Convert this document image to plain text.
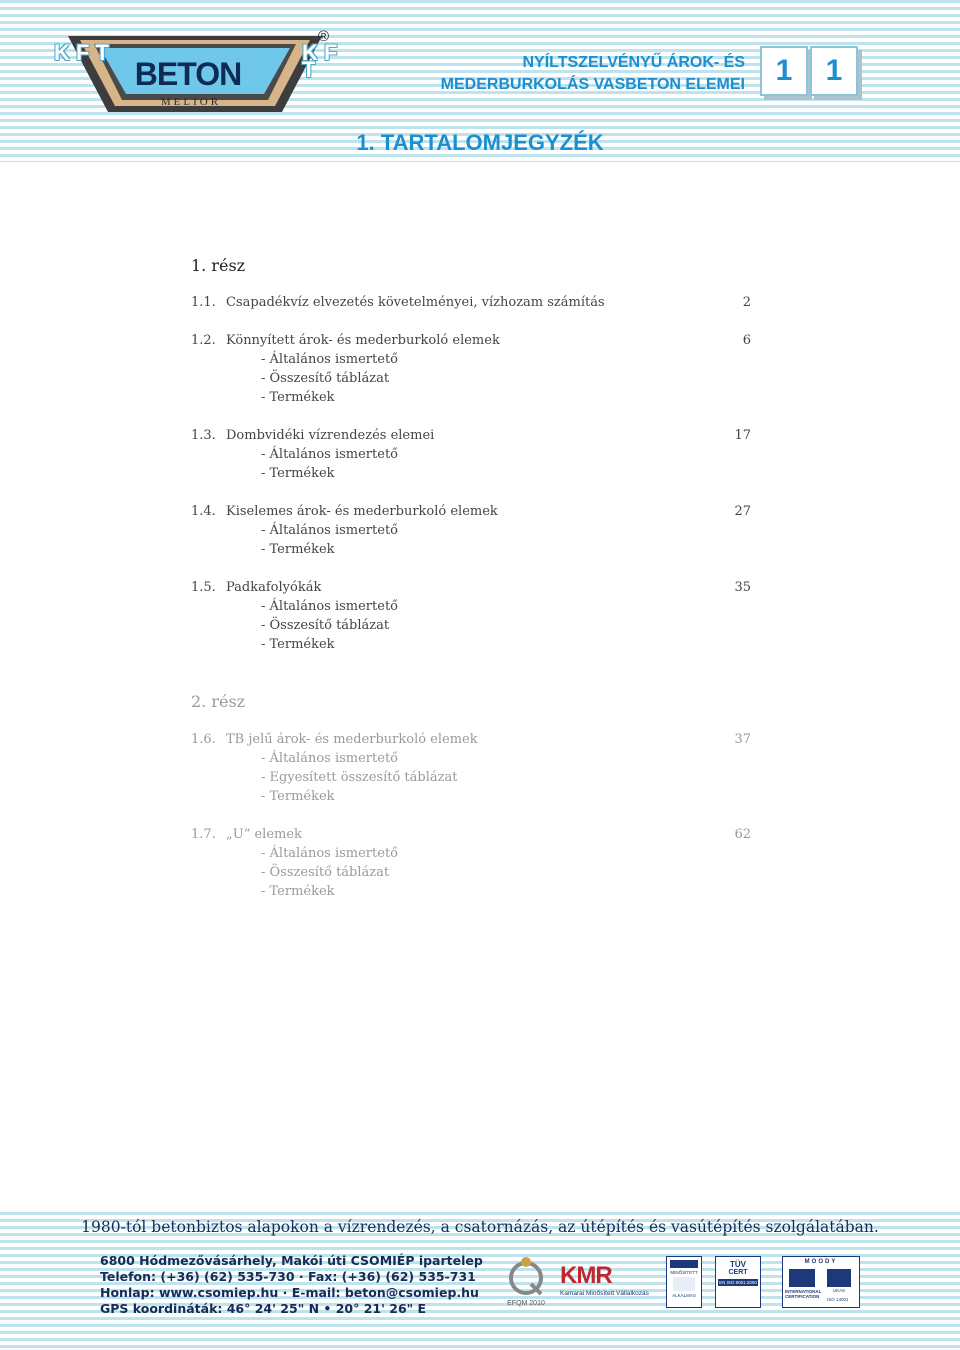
K F T	K F T
®
BETON
MELIOR
NYÍLTSZELVÉNYŰ ÁROK- ÉS
MEDERBURKOLÁS VASBETON ELEMEI	1	1
1. TARTALOMJEGYZÉK
1. rész
1.1. Csapadékvíz elvezetés követelményei, vízhozam számítás	2
1.2. Könnyített árok- és mederburkoló elemek	6
- Általános ismertető
- Összesítő táblázat
- Termékek
1.3. Dombvidéki vízrendezés elemei	17
- Általános ismertető
- Termékek
1.4. Kiselemes árok- és mederburkoló elemek	27
- Általános ismertető
- Termékek
1.5. Padkafolyókák	35
- Általános ismertető
- Összesítő táblázat
- Termékek
2. rész
1.6. TB jelű árok- és mederburkoló elemek	37
- Általános ismertető
- Egyesített összesítő táblázat
- Termékek
1.7. „U“ elemek	62
- Általános ismertető
- Összesítő táblázat
- Termékek
1980-tól betonbiztos alapokon a vízrendezés, a csatornázás, az útépítés és vasútépítés szolgálatában.
6800 Hódmezővásárhely, Makói úti CSOMIÉP ipartelep
Telefon: (+36) (62) 535-730 · Fax: (+36) (62) 535-731
Honlap: www.csomiep.hu · E-mail: beton@csomiep.hu
GPS koordináták: 46° 24' 25" N • 20° 21' 26" E	EFQM 2010
KMR
Kamarai Minősített Vállalkozás
MINŐSÍTETT
ALKALMAS
TÜV
CERT
EN ISO 9001:2000
MOODY
UKAS
INTERNATIONAL
CERTIFICATION
ISO 14001
